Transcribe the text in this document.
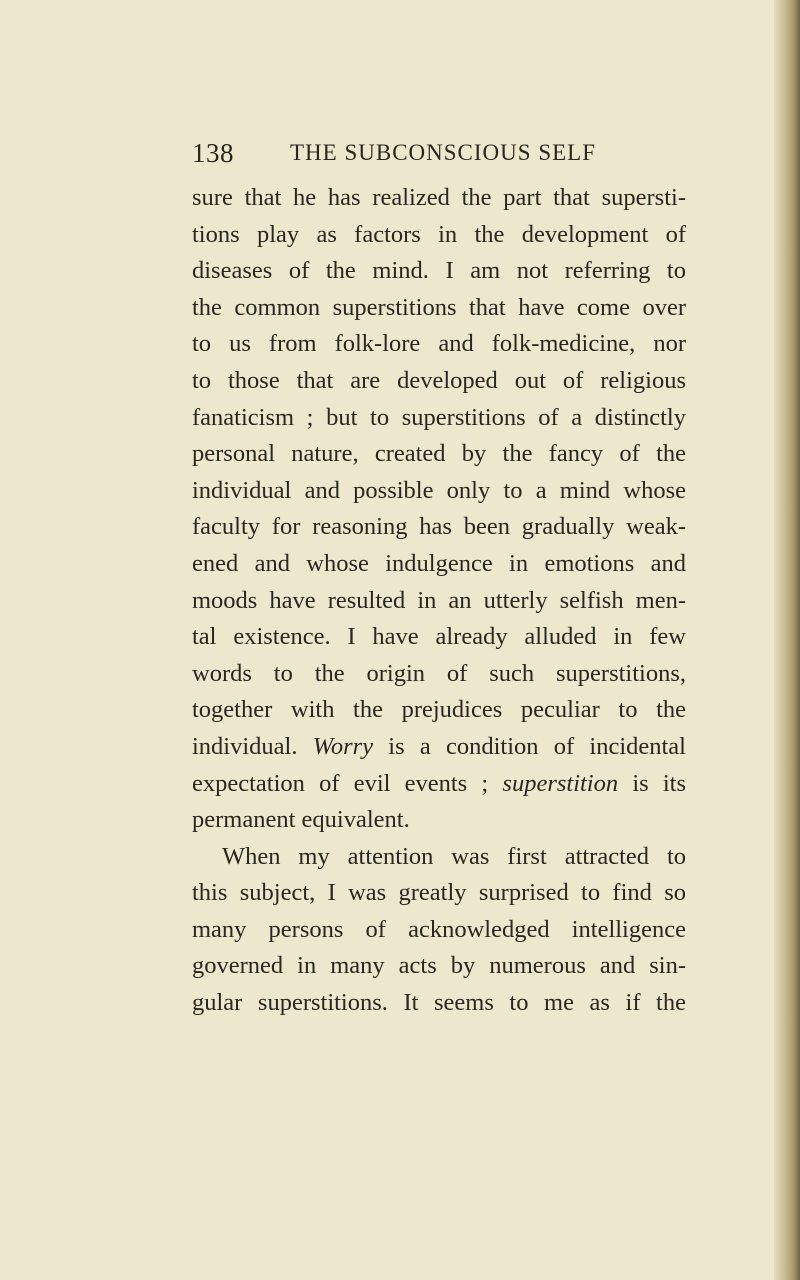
138 THE SUBCONSCIOUS SELF
sure that he has realized the part that supersti-
tions play as factors in the development of
diseases of the mind. I am not referring to
the common superstitions that have come over
to us from folk-lore and folk-medicine, nor
to those that are developed out of religious
fanaticism ; but to superstitions of a distinctly
personal nature, created by the fancy of the
individual and possible only to a mind whose
faculty for reasoning has been gradually weak-
ened and whose indulgence in emotions and
moods have resulted in an utterly selfish men-
tal existence. I have already alluded in few
words to the origin of such superstitions,
together with the prejudices peculiar to the
individual. Worry is a condition of incidental
expectation of evil events ; superstition is its
permanent equivalent.
When my attention was first attracted to
this subject, I was greatly surprised to find so
many persons of acknowledged intelligence
governed in many acts by numerous and sin-
gular superstitions. It seems to me as if the
